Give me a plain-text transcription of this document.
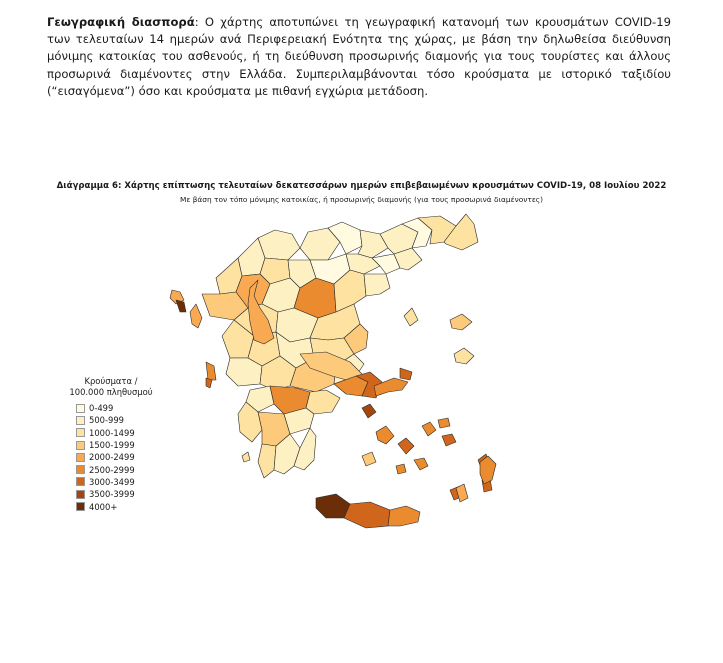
Γεωγραφική διασπορά: Ο χάρτης αποτυπώνει τη γεωγραφική κατανομή των κρουσμάτων COVID-19 των τελευταίων 14 ημερών ανά Περιφερειακή Ενότητα της χώρας, με βάση την δηλωθείσα διεύθυνση μόνιμης κατοικίας του ασθενούς, ή τη διεύθυνση προσωρινής διαμονής για τους τουρίστες και άλλους προσωρινά διαμένοντες στην Ελλάδα. Συμπεριλαμβάνονται τόσο κρούσματα με ιστορικό ταξιδίου (“εισαγόμενα”) όσο και κρούσματα με πιθανή εγχώρια μετάδοση.
Διάγραμμα 6: Χάρτης επίπτωσης τελευταίων δεκατεσσάρων ημερών επιβεβαιωμένων κρουσμάτων COVID-19, 08 Ιουλίου 2022
Με βάση τον τόπο μόνιμης κατοικίας, ή προσωρινής διαμονής (για τους προσωρινά διαμένοντες)
Κρούσματα /
100.000 πληθυσμού
0-499
500-999
1000-1499
1500-1999
2000-2499
2500-2999
3000-3499
3500-3999
4000+
